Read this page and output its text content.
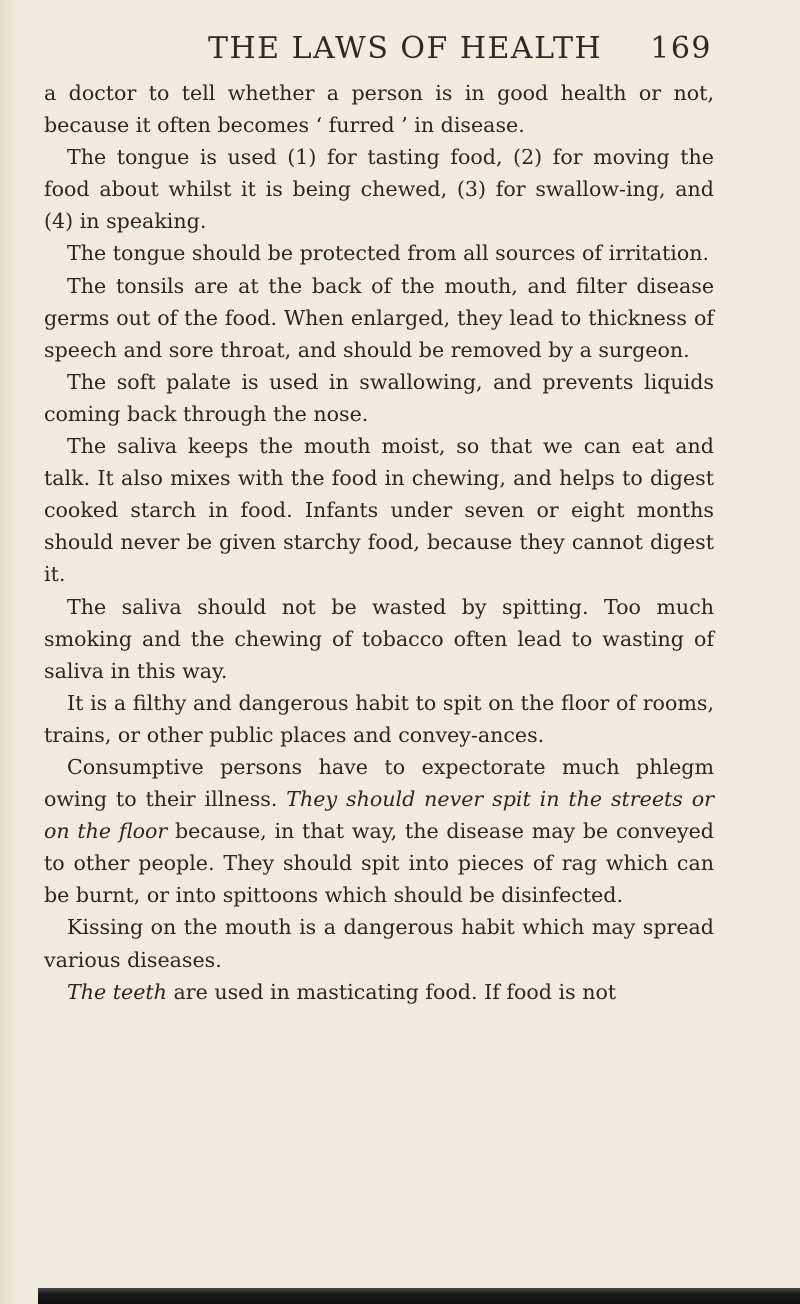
THE LAWS OF HEALTH 169

a doctor to tell whether a person is in good health or not, because it often becomes ‘ furred ’ in disease.

The tongue is used (1) for tasting food, (2) for moving the food about whilst it is being chewed, (3) for swallow-ing, and (4) in speaking.

The tongue should be protected from all sources of irritation.

The tonsils are at the back of the mouth, and filter disease germs out of the food. When enlarged, they lead to thickness of speech and sore throat, and should be removed by a surgeon.

The soft palate is used in swallowing, and prevents liquids coming back through the nose.

The saliva keeps the mouth moist, so that we can eat and talk. It also mixes with the food in chewing, and helps to digest cooked starch in food. Infants under seven or eight months should never be given starchy food, because they cannot digest it.

The saliva should not be wasted by spitting. Too much smoking and the chewing of tobacco often lead to wasting of saliva in this way.

It is a filthy and dangerous habit to spit on the floor of rooms, trains, or other public places and convey-ances.

Consumptive persons have to expectorate much phlegm owing to their illness. They should never spit in the streets or on the floor because, in that way, the disease may be conveyed to other people. They should spit into pieces of rag which can be burnt, or into spittoons which should be disinfected.

Kissing on the mouth is a dangerous habit which may spread various diseases.

The teeth are used in masticating food. If food is not
